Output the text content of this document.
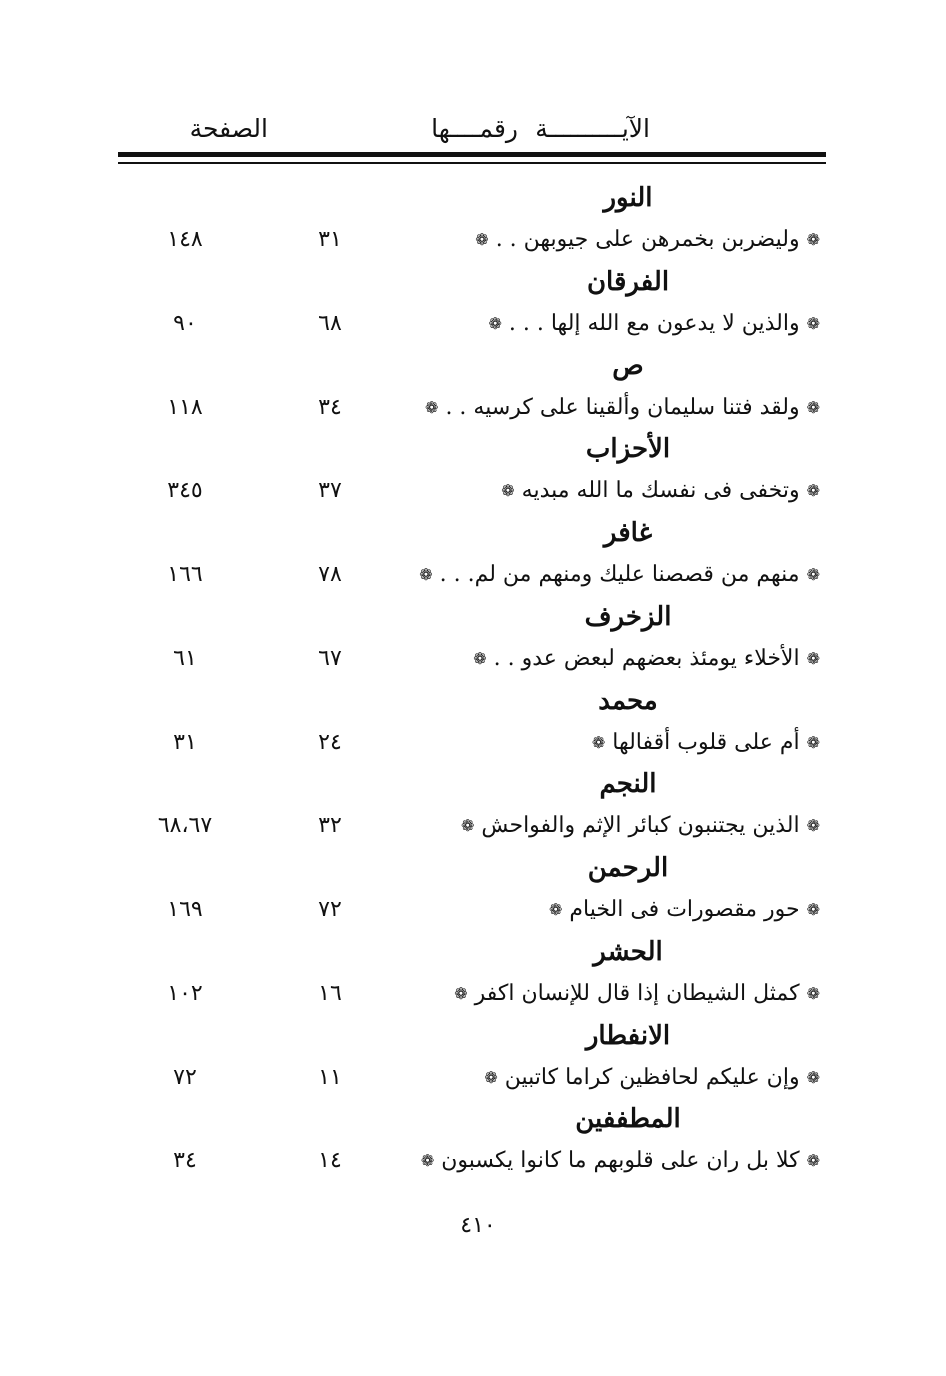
الآيــــــــــة
رقمــــها
الصفحة
النور
❁ وليضربن بخمرهن على جيوبهن . . ❁
٣١
١٤٨
الفرقان
❁ والذين لا يدعون مع الله إلها . . . ❁
٦٨
٩٠
ص
❁ ولقد فتنا سليمان وألقينا على كرسيه . . ❁
٣٤
١١٨
الأحزاب
❁ وتخفى فى نفسك ما الله مبديه ❁
٣٧
٣٤٥
غافر
❁ منهم من قصصنا عليك ومنهم من لم. . . ❁
٧٨
١٦٦
الزخرف
❁ الأخلاء يومئذ بعضهم لبعض عدو . . ❁
٦٧
٦١
محمد
❁ أم على قلوب أقفالها ❁
٢٤
٣١
النجم
❁ الذين يجتنبون كبائر الإثم والفواحش ❁
٣٢
٦٨،٦٧
الرحمن
❁ حور مقصورات فى الخيام ❁
٧٢
١٦٩
الحشر
❁ كمثل الشيطان إذا قال للإنسان اكفر ❁
١٦
١٠٢
الانفطار
❁ وإن عليكم لحافظين كراما كاتبين ❁
١١
٧٢
المطففين
❁ كلا بل ران على قلوبهم ما كانوا يكسبون ❁
١٤
٣٤
٤١٠
